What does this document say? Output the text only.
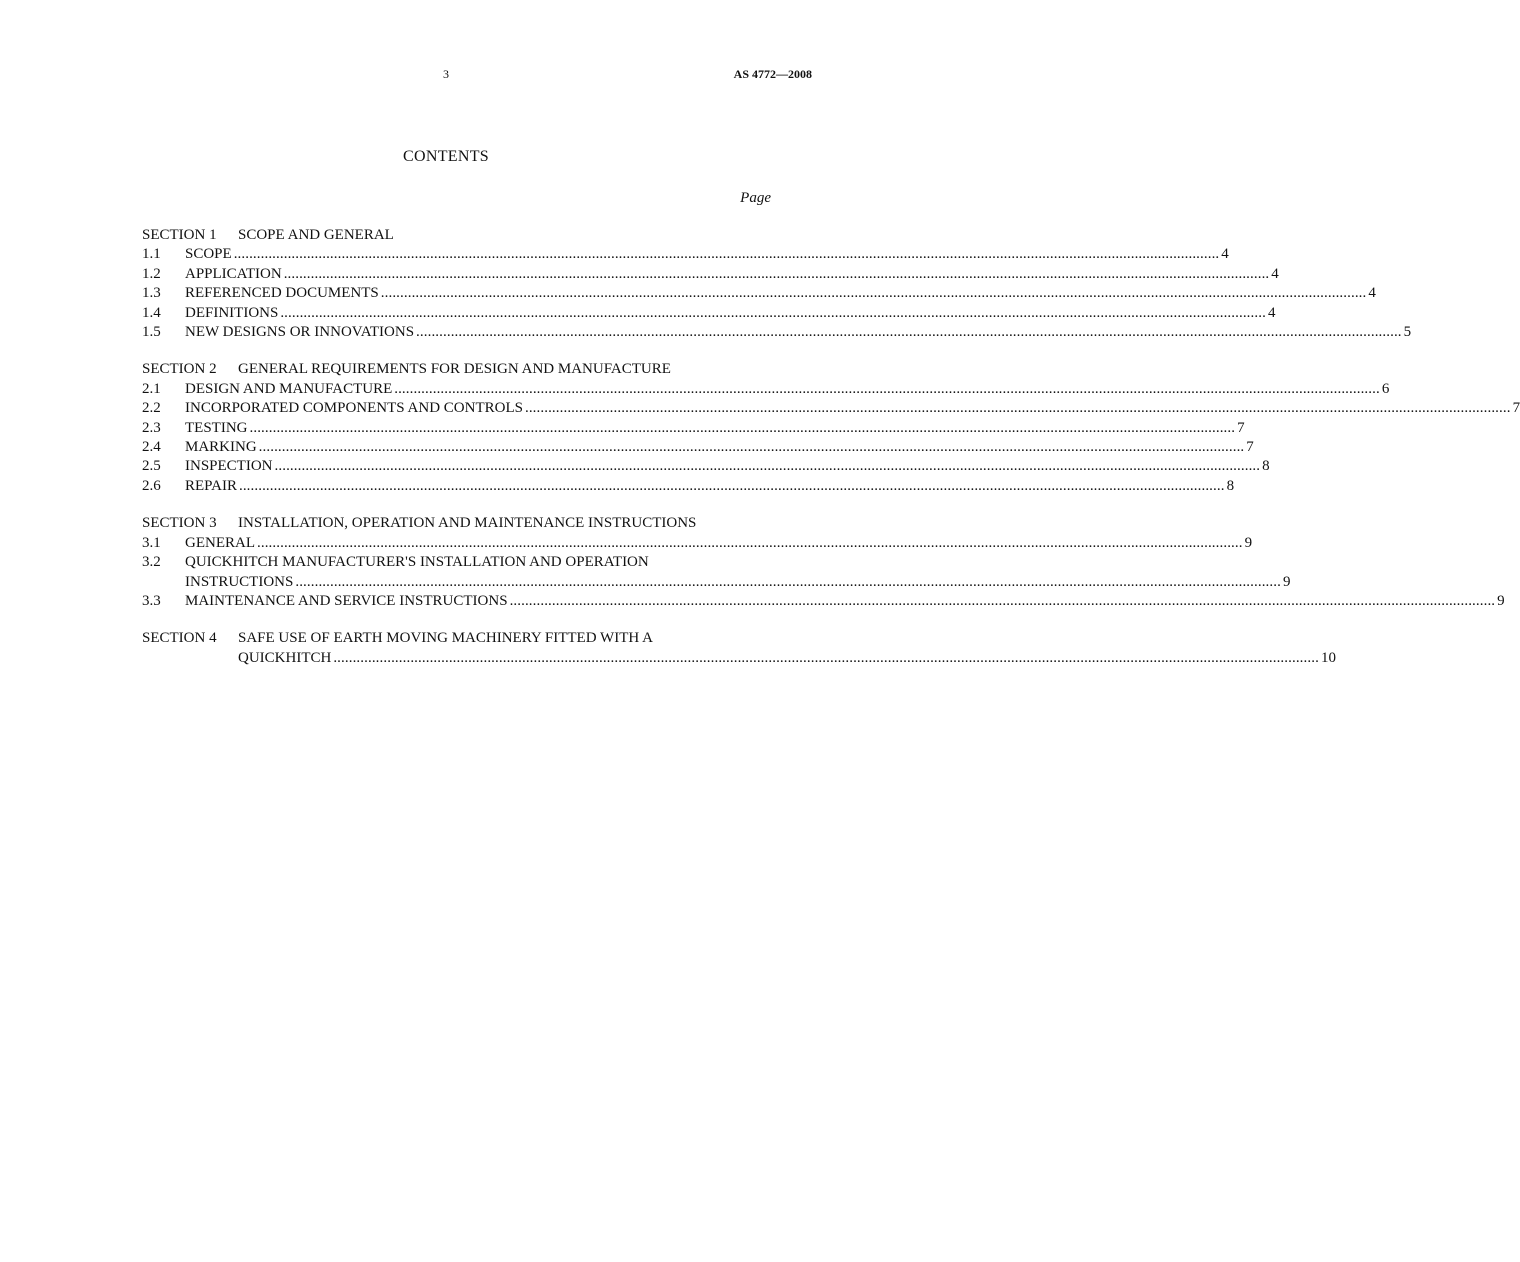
3	AS 4772—2008
CONTENTS
Page
SECTION 1	SCOPE AND GENERAL
1.1	SCOPE .....	4
1.2	APPLICATION .....	4
1.3	REFERENCED DOCUMENTS .....	4
1.4	DEFINITIONS .....	4
1.5	NEW DESIGNS OR INNOVATIONS .....	5
SECTION 2	GENERAL REQUIREMENTS FOR DESIGN AND MANUFACTURE
2.1	DESIGN AND MANUFACTURE .....	6
2.2	INCORPORATED COMPONENTS AND CONTROLS .....	7
2.3	TESTING .....	7
2.4	MARKING .....	7
2.5	INSPECTION .....	8
2.6	REPAIR .....	8
SECTION 3	INSTALLATION, OPERATION AND MAINTENANCE INSTRUCTIONS
3.1	GENERAL .....	9
3.2	QUICKHITCH MANUFACTURER'S INSTALLATION AND OPERATION
INSTRUCTIONS .....	9
3.3	MAINTENANCE AND SERVICE INSTRUCTIONS .....	9
SECTION 4	SAFE USE OF EARTH MOVING MACHINERY FITTED WITH A
QUICKHITCH .....	10
